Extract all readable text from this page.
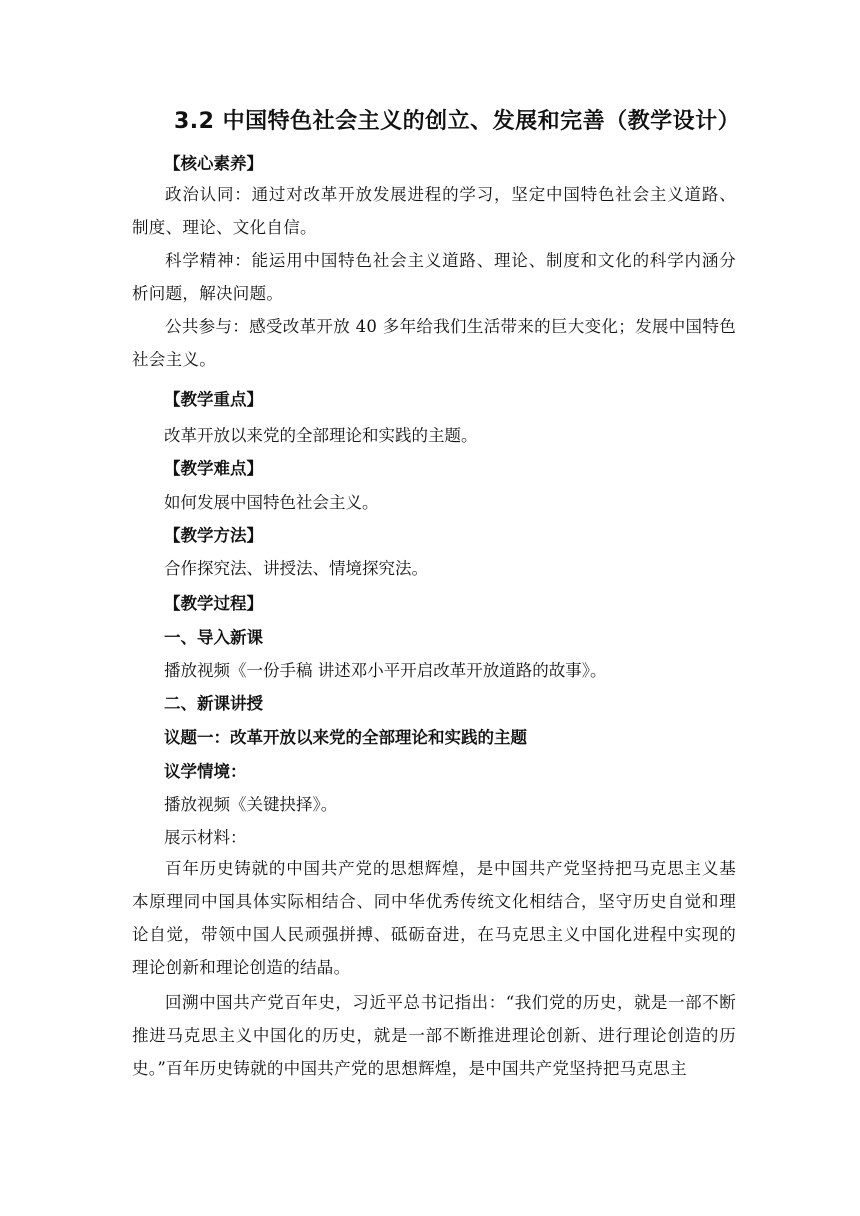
3.2 中国特色社会主义的创立、发展和完善（教学设计）
【核心素养】
政治认同：通过对改革开放发展进程的学习，坚定中国特色社会主义道路、制度、理论、文化自信。
科学精神：能运用中国特色社会主义道路、理论、制度和文化的科学内涵分析问题，解决问题。
公共参与：感受改革开放 40 多年给我们生活带来的巨大变化；发展中国特色社会主义。
【教学重点】
改革开放以来党的全部理论和实践的主题。
【教学难点】
如何发展中国特色社会主义。
【教学方法】
合作探究法、讲授法、情境探究法。
【教学过程】
一、导入新课
播放视频《一份手稿 讲述邓小平开启改革开放道路的故事》。
二、新课讲授
议题一：改革开放以来党的全部理论和实践的主题
议学情境：
播放视频《关键抉择》。
展示材料：
百年历史铸就的中国共产党的思想辉煌，是中国共产党坚持把马克思主义基本原理同中国具体实际相结合、同中华优秀传统文化相结合，坚守历史自觉和理论自觉，带领中国人民顽强拼搏、砥砺奋进，在马克思主义中国化进程中实现的理论创新和理论创造的结晶。
回溯中国共产党百年史，习近平总书记指出：“我们党的历史，就是一部不断推进马克思主义中国化的历史，就是一部不断推进理论创新、进行理论创造的历史。”百年历史铸就的中国共产党的思想辉煌，是中国共产党坚持把马克思主
